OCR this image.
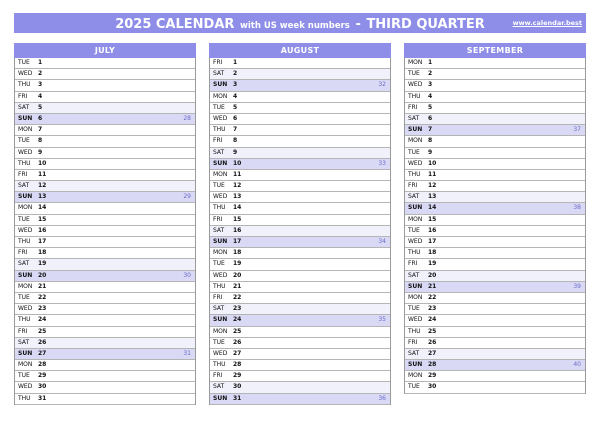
2025 CALENDAR with US week numbers - THIRD QUARTER	www.calendar.best
JULY
TUE	1
WED 2
THU	3
FRI	4
SAT	5
SUN 6	28
MON 7
TUE	8
WED 9
THU	10
FRI	11
SAT	12
SUN 13	29
MON 14
TUE	15
WED 16
THU	17
FRI	18
SAT	19
SUN 20	30
MON 21
TUE	22
WED 23
THU	24
FRI	25
SAT	26
SUN 27	31
MON 28
TUE	29
WED 30
THU	31
AUGUST
FRI	1
SAT	2
SUN 3	32
MON 4
TUE	5
WED 6
THU	7
FRI	8
SAT	9
SUN 10	33
MON 11
TUE	12
WED 13
THU	14
FRI	15
SAT	16
SUN 17	34
MON 18
TUE	19
WED 20
THU	21
FRI	22
SAT	23
SUN 24	35
MON 25
TUE	26
WED 27
THU	28
FRI	29
SAT	30
SUN 31	36
SEPTEMBER
MON 1
TUE	2
WED 3
THU	4
FRI	5
SAT	6
SUN 7	37
MON 8
TUE	9
WED 10
THU	11
FRI	12
SAT	13
SUN 14	38
MON 15
TUE	16
WED 17
THU	18
FRI	19
SAT	20
SUN 21	39
MON 22
TUE	23
WED 24
THU	25
FRI	26
SAT	27
SUN 28	40
MON 29
TUE	30
